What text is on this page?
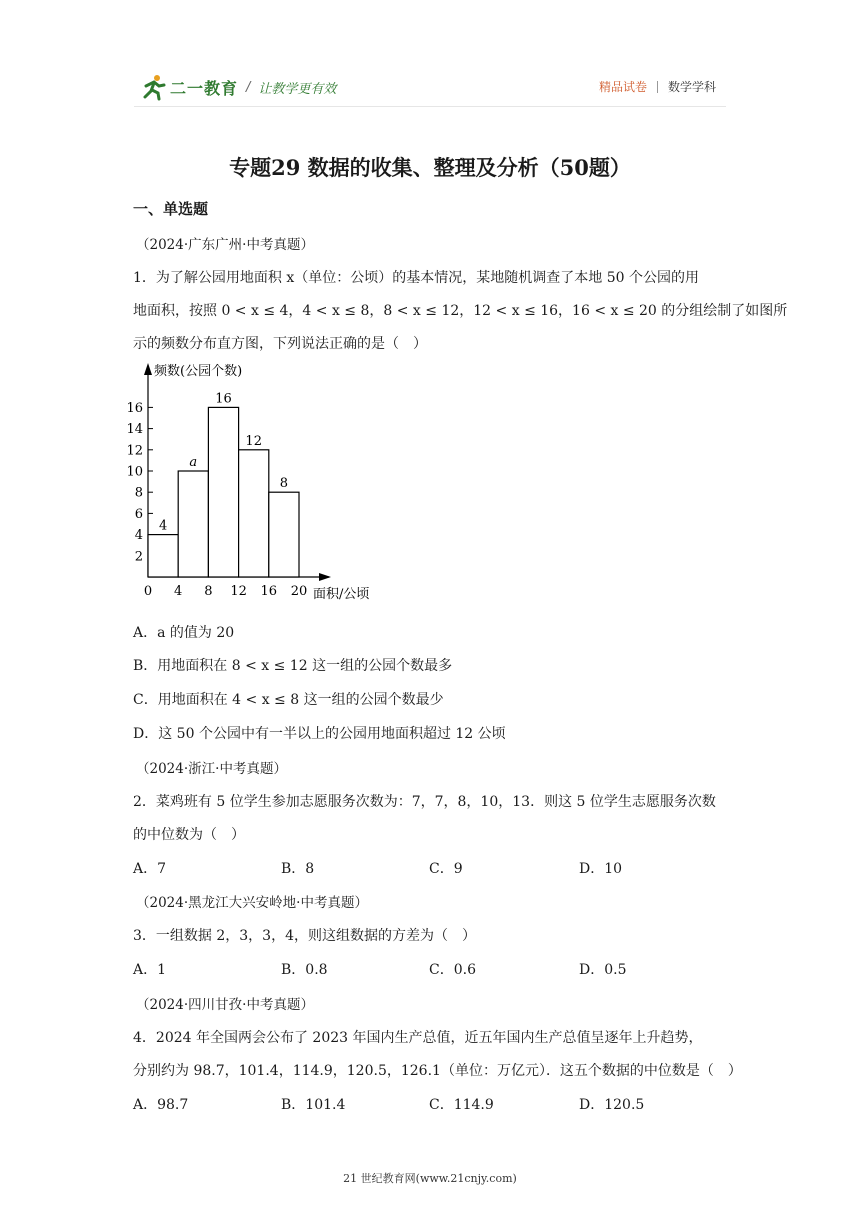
二一教育 / 让教学更有效	精品试卷 数学学科
专题29 数据的收集、整理及分析（50题）
一、单选题
（2024·广东广州·中考真题）
1．为了解公园用地面积 x（单位：公顷）的基本情况，某地随机调查了本地 50 个公园的用
地面积，按照 0 < x ≤ 4，4 < x ≤ 8，8 < x ≤ 12，12 < x ≤ 16，16 < x ≤ 20 的分组绘制了如图所
示的频数分布直方图，下列说法正确的是（　）
2
4
6
8
10
12
14
16
0 4 8 12 16 20
4
a
16
12
8
频数(公园个数)
面积/公顷
A．a 的值为 20
B．用地面积在 8 < x ≤ 12 这一组的公园个数最多
C．用地面积在 4 < x ≤ 8 这一组的公园个数最少
D．这 50 个公园中有一半以上的公园用地面积超过 12 公顷
（2024·浙江·中考真题）
2．菜鸡班有 5 位学生参加志愿服务次数为：7，7，8，10，13．则这 5 位学生志愿服务次数
的中位数为（　）
A．7	B．8	C．9	D．10
（2024·黑龙江大兴安岭地·中考真题）
3．一组数据 2，3，3，4，则这组数据的方差为（　）
A．1	B．0.8	C．0.6	D．0.5
（2024·四川甘孜·中考真题）
4．2024 年全国两会公布了 2023 年国内生产总值，近五年国内生产总值呈逐年上升趋势，
分别约为 98.7，101.4，114.9，120.5，126.1（单位：万亿元）．这五个数据的中位数是（　）
A．98.7	B．101.4	C．114.9	D．120.5
21 世纪教育网(www.21cnjy.com)
